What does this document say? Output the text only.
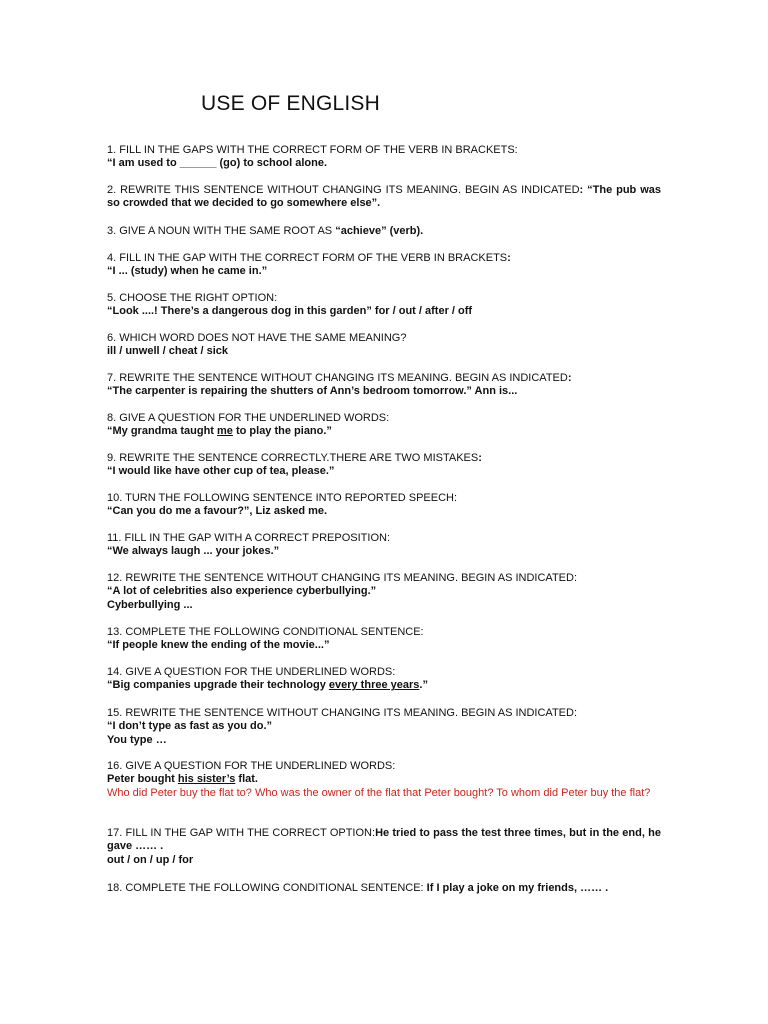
USE OF ENGLISH
1. FILL IN THE GAPS WITH THE CORRECT FORM OF THE VERB IN BRACKETS:
“I am used to ______ (go) to school alone.
2. REWRITE THIS SENTENCE WITHOUT CHANGING ITS MEANING. BEGIN AS INDICATED: “The pub was so crowded that we decided to go somewhere else”.
3. GIVE A NOUN WITH THE SAME ROOT AS “achieve” (verb).
4. FILL IN THE GAP WITH THE CORRECT FORM OF THE VERB IN BRACKETS:
“I ... (study) when he came in.”
5. CHOOSE THE RIGHT OPTION:
“Look ....! There’s a dangerous dog in this garden” for / out / after / off
6. WHICH WORD DOES NOT HAVE THE SAME MEANING?
ill / unwell / cheat / sick
7. REWRITE THE SENTENCE WITHOUT CHANGING ITS MEANING. BEGIN AS INDICATED:
“The carpenter is repairing the shutters of Ann’s bedroom tomorrow.” Ann is...
8. GIVE A QUESTION FOR THE UNDERLINED WORDS:
“My grandma taught me to play the piano.”
9. REWRITE THE SENTENCE CORRECTLY.THERE ARE TWO MISTAKES:
“I would like have other cup of tea, please.”
10. TURN THE FOLLOWING SENTENCE INTO REPORTED SPEECH:
“Can you do me a favour?”, Liz asked me.
11. FILL IN THE GAP WITH A CORRECT PREPOSITION:
“We always laugh ... your jokes.”
12. REWRITE THE SENTENCE WITHOUT CHANGING ITS MEANING. BEGIN AS INDICATED:
“A lot of celebrities also experience cyberbullying.”
Cyberbullying ...
13. COMPLETE THE FOLLOWING CONDITIONAL SENTENCE:
“If people knew the ending of the movie...”
14. GIVE A QUESTION FOR THE UNDERLINED WORDS:
“Big companies upgrade their technology every three years.”
15. REWRITE THE SENTENCE WITHOUT CHANGING ITS MEANING. BEGIN AS INDICATED:
“I don’t type as fast as you do.”
You type …
16. GIVE A QUESTION FOR THE UNDERLINED WORDS:
Peter bought his sister’s flat.
Who did Peter buy the flat to? Who was the owner of the flat that Peter bought? To whom did Peter buy the flat?
17. FILL IN THE GAP WITH THE CORRECT OPTION:He tried to pass the test three times, but in the end, he gave …… .
out / on / up / for
18. COMPLETE THE FOLLOWING CONDITIONAL SENTENCE: If I play a joke on my friends, …… .
